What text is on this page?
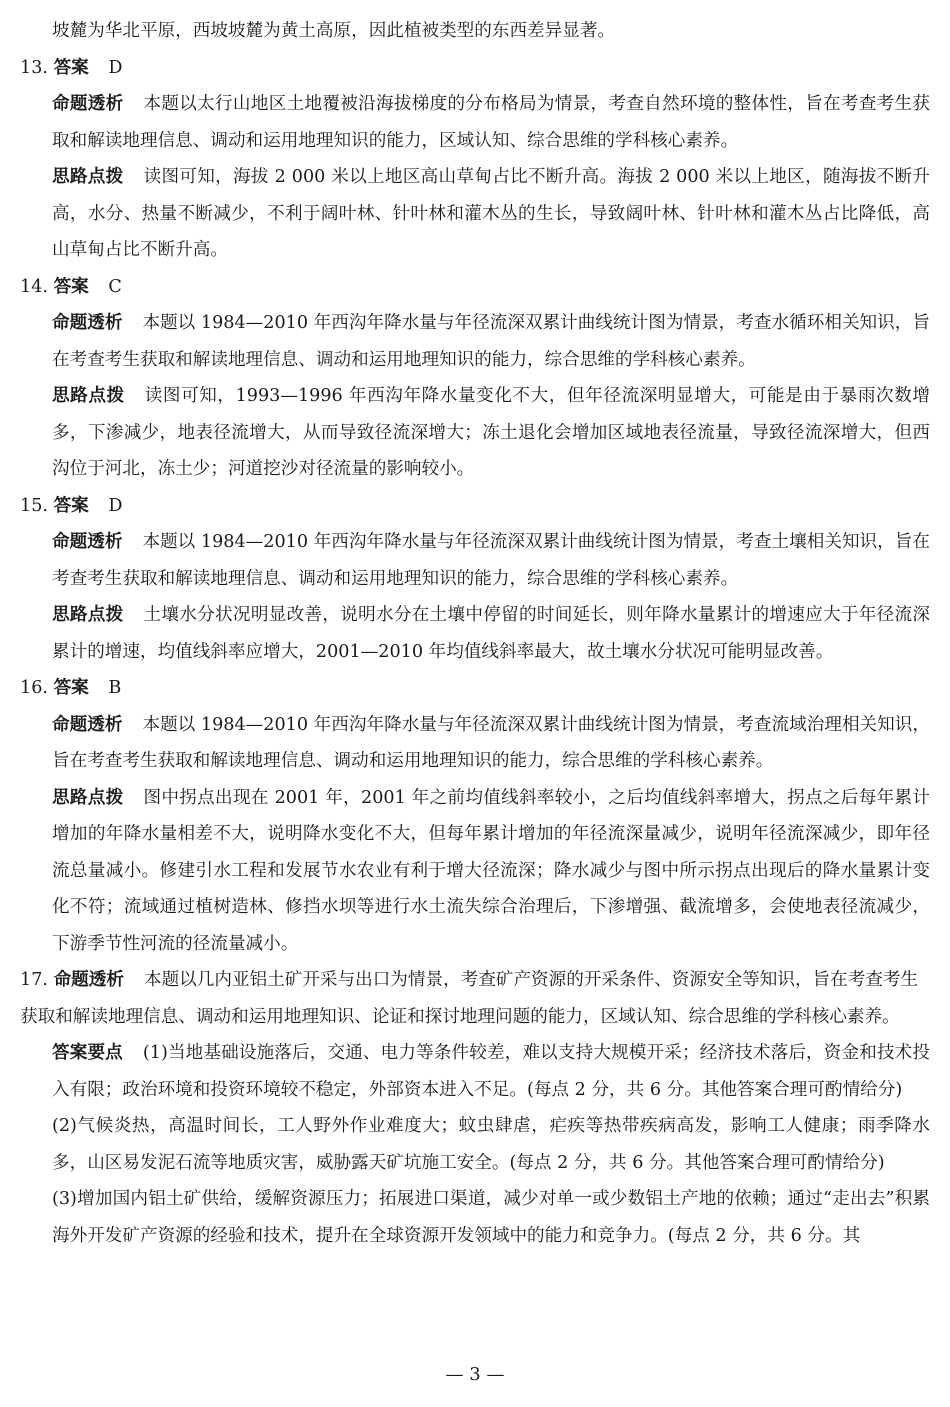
坡麓为华北平原，西坡坡麓为黄土高原，因此植被类型的东西差异显著。

13. 答案 D

命题透析 本题以太行山地区土地覆被沿海拔梯度的分布格局为情景，考查自然环境的整体性，旨在考查考生获取和解读地理信息、调动和运用地理知识的能力，区域认知、综合思维的学科核心素养。

思路点拨 读图可知，海拔 2 000 米以上地区高山草甸占比不断升高。海拔 2 000 米以上地区，随海拔不断升高，水分、热量不断减少，不利于阔叶林、针叶林和灌木丛的生长，导致阔叶林、针叶林和灌木丛占比降低，高山草甸占比不断升高。

14. 答案 C

命题透析 本题以 1984—2010 年西沟年降水量与年径流深双累计曲线统计图为情景，考查水循环相关知识，旨在考查考生获取和解读地理信息、调动和运用地理知识的能力，综合思维的学科核心素养。

思路点拨 读图可知，1993—1996 年西沟年降水量变化不大，但年径流深明显增大，可能是由于暴雨次数增多，下渗减少，地表径流增大，从而导致径流深增大；冻土退化会增加区域地表径流量，导致径流深增大，但西沟位于河北，冻土少；河道挖沙对径流量的影响较小。

15. 答案 D

命题透析 本题以 1984—2010 年西沟年降水量与年径流深双累计曲线统计图为情景，考查土壤相关知识，旨在考查考生获取和解读地理信息、调动和运用地理知识的能力，综合思维的学科核心素养。

思路点拨 土壤水分状况明显改善，说明水分在土壤中停留的时间延长，则年降水量累计的增速应大于年径流深累计的增速，均值线斜率应增大，2001—2010 年均值线斜率最大，故土壤水分状况可能明显改善。

16. 答案 B

命题透析 本题以 1984—2010 年西沟年降水量与年径流深双累计曲线统计图为情景，考查流域治理相关知识，旨在考查考生获取和解读地理信息、调动和运用地理知识的能力，综合思维的学科核心素养。

思路点拨 图中拐点出现在 2001 年，2001 年之前均值线斜率较小，之后均值线斜率增大，拐点之后每年累计增加的年降水量相差不大，说明降水变化不大，但每年累计增加的年径流深量减少，说明年径流深减少，即年径流总量减小。修建引水工程和发展节水农业有利于增大径流深；降水减少与图中所示拐点出现后的降水量累计变化不符；流域通过植树造林、修挡水坝等进行水土流失综合治理后，下渗增强、截流增多，会使地表径流减少，下游季节性河流的径流量减小。

17. 命题透析 本题以几内亚铝土矿开采与出口为情景，考查矿产资源的开采条件、资源安全等知识，旨在考查考生获取和解读地理信息、调动和运用地理知识、论证和探讨地理问题的能力，区域认知、综合思维的学科核心素养。

答案要点 (1)当地基础设施落后，交通、电力等条件较差，难以支持大规模开采；经济技术落后，资金和技术投入有限；政治环境和投资环境较不稳定，外部资本进入不足。(每点 2 分，共 6 分。其他答案合理可酌情给分)

(2)气候炎热，高温时间长，工人野外作业难度大；蚊虫肆虐，疟疾等热带疾病高发，影响工人健康；雨季降水多，山区易发泥石流等地质灾害，威胁露天矿坑施工安全。(每点 2 分，共 6 分。其他答案合理可酌情给分)

(3)增加国内铝土矿供给，缓解资源压力；拓展进口渠道，减少对单一或少数铝土产地的依赖；通过“走出去”积累海外开发矿产资源的经验和技术，提升在全球资源开发领域中的能力和竞争力。(每点 2 分，共 6 分。其

— 3 —
